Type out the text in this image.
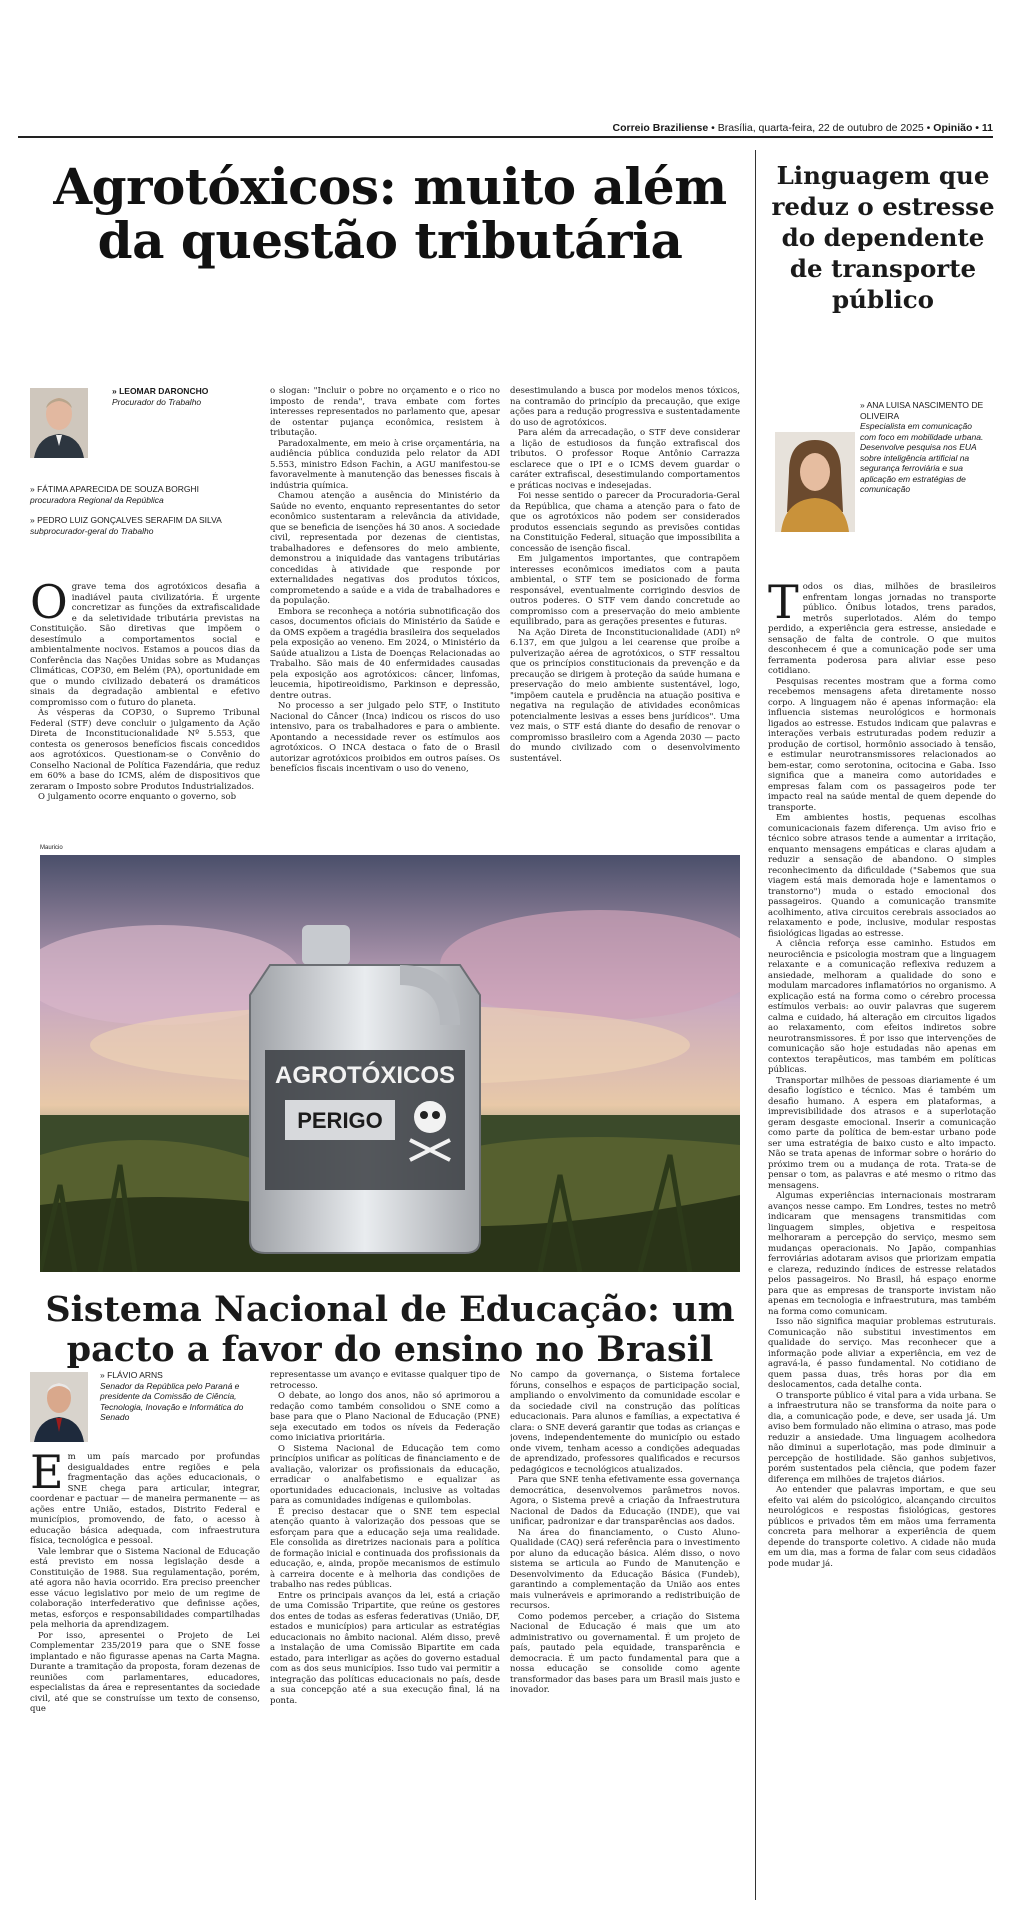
Correio Braziliense • Brasília, quarta-feira, 22 de outubro de 2025 • Opinião • 11
Agrotóxicos: muito além da questão tributária
» LEOMAR DARONCHO
Procurador do Trabalho
» FÁTIMA APARECIDA DE SOUZA BORGHI
procuradora Regional da República
» PEDRO LUIZ GONÇALVES SERAFIM DA SILVA
subprocurador-geral do Trabalho

Ograve tema dos agrotóxicos desafia a inadiável pauta civilizatória. É urgente concretizar as funções da extrafiscalidade e da seletividade tributária previstas na Constituição. São diretivas que impõem o desestímulo a comportamentos social e ambientalmente nocivos. Estamos a poucos dias da Conferência das Nações Unidas sobre as Mudanças Climáticas, COP30, em Belém (PA), oportunidade em que o mundo civilizado debaterá os dramáticos sinais da degradação ambiental e efetivo compromisso com o futuro do planeta.

Às vésperas da COP30, o Supremo Tribunal Federal (STF) deve concluir o julgamento da Ação Direta de Inconstitucionalidade Nº 5.553, que contesta os generosos benefícios fiscais concedidos aos agrotóxicos. Questionam-se o Convênio do Conselho Nacional de Política Fazendária, que reduz em 60% a base do ICMS, além de dispositivos que zeraram o Imposto sobre Produtos Industrializados.

O julgamento ocorre enquanto o governo, sob

o slogan: "Incluir o pobre no orçamento e o rico no imposto de renda", trava embate com fortes interesses representados no parlamento que, apesar de ostentar pujança econômica, resistem à tributação.

Paradoxalmente, em meio à crise orçamentária, na audiência pública conduzida pelo relator da ADI 5.553, ministro Edson Fachin, a AGU manifestou-se favoravelmente à manutenção das benesses fiscais à indústria química.

Chamou atenção a ausência do Ministério da Saúde no evento, enquanto representantes do setor econômico sustentaram a relevância da atividade, que se beneficia de isenções há 30 anos. A sociedade civil, representada por dezenas de cientistas, trabalhadores e defensores do meio ambiente, demonstrou a iniquidade das vantagens tributárias concedidas à atividade que responde por externalidades negativas dos produtos tóxicos, comprometendo a saúde e a vida de trabalhadores e da população.

Embora se reconheça a notória subnotificação dos casos, documentos oficiais do Ministério da Saúde e da OMS expõem a tragédia brasileira dos sequelados pela exposição ao veneno. Em 2024, o Ministério da Saúde atualizou a Lista de Doenças Relacionadas ao Trabalho. São mais de 40 enfermidades causadas pela exposição aos agrotóxicos: câncer, linfomas, leucemia, hipotireoidismo, Parkinson e depressão, dentre outras.

No processo a ser julgado pelo STF, o Instituto Nacional do Câncer (Inca) indicou os riscos do uso intensivo, para os trabalhadores e para o ambiente. Apontando a necessidade rever os estímulos aos agrotóxicos. O INCA destaca o fato de o Brasil autorizar agrotóxicos proibidos em outros países. Os benefícios fiscais incentivam o uso do veneno,

desestimulando a busca por modelos menos tóxicos, na contramão do princípio da precaução, que exige ações para a redução progressiva e sustentadamente do uso de agrotóxicos.

Para além da arrecadação, o STF deve considerar a lição de estudiosos da função extrafiscal dos tributos. O professor Roque Antônio Carrazza esclarece que o IPI e o ICMS devem guardar o caráter extrafiscal, desestimulando comportamentos e práticas nocivas e indesejadas.

Foi nesse sentido o parecer da Procuradoria-Geral da República, que chama a atenção para o fato de que os agrotóxicos não podem ser considerados produtos essenciais segundo as previsões contidas na Constituição Federal, situação que impossibilita a concessão de isenção fiscal.

Em julgamentos importantes, que contrapõem interesses econômicos imediatos com a pauta ambiental, o STF tem se posicionado de forma responsável, eventualmente corrigindo desvios de outros poderes. O STF vem dando concretude ao compromisso com a preservação do meio ambiente equilibrado, para as gerações presentes e futuras.

Na Ação Direta de Inconstitucionalidade (ADI) nº 6.137, em que julgou a lei cearense que proíbe a pulverização aérea de agrotóxicos, o STF ressaltou que os princípios constitucionais da prevenção e da precaução se dirigem à proteção da saúde humana e preservação do meio ambiente sustentável, logo, "impõem cautela e prudência na atuação positiva e negativa na regulação de atividades econômicas potencialmente lesivas a esses bens jurídicos". Uma vez mais, o STF está diante do desafio de renovar o compromisso brasileiro com a Agenda 2030 — pacto do mundo civilizado com o desenvolvimento sustentável.

Mauricio
AGROTÓXICOS
PERIGO
Sistema Nacional de Educação: um pacto a favor do ensino no Brasil
» FLÁVIO ARNS
Senador da República pelo Paraná e presidente da Comissão de Ciência, Tecnologia, Inovação e Informática do Senado

Em um país marcado por profundas desigualdades entre regiões e pela fragmentação das ações educacionais, o SNE chega para articular, integrar, coordenar e pactuar — de maneira permanente — as ações entre União, estados, Distrito Federal e municípios, promovendo, de fato, o acesso à educação básica adequada, com infraestrutura física, tecnológica e pessoal.

Vale lembrar que o Sistema Nacional de Educação está previsto em nossa legislação desde a Constituição de 1988. Sua regulamentação, porém, até agora não havia ocorrido. Era preciso preencher esse vácuo legislativo por meio de um regime de colaboração interfederativo que definisse ações, metas, esforços e responsabilidades compartilhadas pela melhoria da aprendizagem.

Por isso, apresentei o Projeto de Lei Complementar 235/2019 para que o SNE fosse implantado e não figurasse apenas na Carta Magna. Durante a tramitação da proposta, foram dezenas de reuniões com parlamentares, educadores, especialistas da área e representantes da sociedade civil, até que se construísse um texto de consenso, que

representasse um avanço e evitasse qualquer tipo de retrocesso.

O debate, ao longo dos anos, não só aprimorou a redação como também consolidou o SNE como a base para que o Plano Nacional de Educação (PNE) seja executado em todos os níveis da Federação como iniciativa prioritária.

O Sistema Nacional de Educação tem como princípios unificar as políticas de financiamento e de avaliação, valorizar os profissionais da educação, erradicar o analfabetismo e equalizar as oportunidades educacionais, inclusive as voltadas para as comunidades indígenas e quilombolas.

É preciso destacar que o SNE tem especial atenção quanto à valorização dos pessoas que se esforçam para que a educação seja uma realidade. Ele consolida as diretrizes nacionais para a política de formação inicial e continuada dos profissionais da educação, e, ainda, propõe mecanismos de estímulo à carreira docente e à melhoria das condições de trabalho nas redes públicas.

Entre os principais avanços da lei, está a criação de uma Comissão Tripartite, que reúne os gestores dos entes de todas as esferas federativas (União, DF, estados e municípios) para articular as estratégias educacionais no âmbito nacional. Além disso, prevê a instalação de uma Comissão Bipartite em cada estado, para interligar as ações do governo estadual com as dos seus municípios. Isso tudo vai permitir a integração das políticas educacionais no país, desde a sua concepção até a sua execução final, lá na ponta.

No campo da governança, o Sistema fortalece fóruns, conselhos e espaços de participação social, ampliando o envolvimento da comunidade escolar e da sociedade civil na construção das políticas educacionais. Para alunos e famílias, a expectativa é clara: o SNE deverá garantir que todas as crianças e jovens, independentemente do município ou estado onde vivem, tenham acesso a condições adequadas de aprendizado, professores qualificados e recursos pedagógicos e tecnológicos atualizados.

Para que SNE tenha efetivamente essa governança democrática, desenvolvemos parâmetros novos. Agora, o Sistema prevê a criação da Infraestrutura Nacional de Dados da Educação (INDE), que vai unificar, padronizar e dar transparências aos dados.

Na área do financiamento, o Custo Aluno-Qualidade (CAQ) será referência para o investimento por aluno da educação básica. Além disso, o novo sistema se articula ao Fundo de Manutenção e Desenvolvimento da Educação Básica (Fundeb), garantindo a complementação da União aos entes mais vulneráveis e aprimorando a redistribuição de recursos.

Como podemos perceber, a criação do Sistema Nacional de Educação é mais que um ato administrativo ou governamental. É um projeto de país, pautado pela equidade, transparência e democracia. É um pacto fundamental para que a nossa educação se consolide como agente transformador das bases para um Brasil mais justo e inovador.

Linguagem que reduz o estresse do dependente de transporte público
» ANA LUISA NASCIMENTO DE OLIVEIRA
Especialista em comunicação com foco em mobilidade urbana. Desenvolve pesquisa nos EUA sobre inteligência artificial na segurança ferroviária e sua aplicação em estratégias de comunicação

Todos os dias, milhões de brasileiros enfrentam longas jornadas no transporte público. Ônibus lotados, trens parados, metrôs superlotados. Além do tempo perdido, a experiência gera estresse, ansiedade e sensação de falta de controle. O que muitos desconhecem é que a comunicação pode ser uma ferramenta poderosa para aliviar esse peso cotidiano.

Pesquisas recentes mostram que a forma como recebemos mensagens afeta diretamente nosso corpo. A linguagem não é apenas informação: ela influencia sistemas neurológicos e hormonais ligados ao estresse. Estudos indicam que palavras e interações verbais estruturadas podem reduzir a produção de cortisol, hormônio associado à tensão, e estimular neurotransmissores relacionados ao bem-estar, como serotonina, ocitocina e Gaba. Isso significa que a maneira como autoridades e empresas falam com os passageiros pode ter impacto real na saúde mental de quem depende do transporte.

Em ambientes hostis, pequenas escolhas comunicacionais fazem diferença. Um aviso frio e técnico sobre atrasos tende a aumentar a irritação, enquanto mensagens empáticas e claras ajudam a reduzir a sensação de abandono. O simples reconhecimento da dificuldade ("Sabemos que sua viagem está mais demorada hoje e lamentamos o transtorno") muda o estado emocional dos passageiros. Quando a comunicação transmite acolhimento, ativa circuitos cerebrais associados ao relaxamento e pode, inclusive, modular respostas fisiológicas ligadas ao estresse.

A ciência reforça esse caminho. Estudos em neurociência e psicologia mostram que a linguagem relaxante e a comunicação reflexiva reduzem a ansiedade, melhoram a qualidade do sono e modulam marcadores inflamatórios no organismo. A explicação está na forma como o cérebro processa estímulos verbais: ao ouvir palavras que sugerem calma e cuidado, há alteração em circuitos ligados ao relaxamento, com efeitos indiretos sobre neurotransmissores. É por isso que intervenções de comunicação são hoje estudadas não apenas em contextos terapêuticos, mas também em políticas públicas.

Transportar milhões de pessoas diariamente é um desafio logístico e técnico. Mas é também um desafio humano. A espera em plataformas, a imprevisibilidade dos atrasos e a superlotação geram desgaste emocional. Inserir a comunicação como parte da política de bem-estar urbano pode ser uma estratégia de baixo custo e alto impacto. Não se trata apenas de informar sobre o horário do próximo trem ou a mudança de rota. Trata-se de pensar o tom, as palavras e até mesmo o ritmo das mensagens.

Algumas experiências internacionais mostraram avanços nesse campo. Em Londres, testes no metrô indicaram que mensagens transmitidas com linguagem simples, objetiva e respeitosa melhoraram a percepção do serviço, mesmo sem mudanças operacionais. No Japão, companhias ferroviárias adotaram avisos que priorizam empatia e clareza, reduzindo índices de estresse relatados pelos passageiros. No Brasil, há espaço enorme para que as empresas de transporte invistam não apenas em tecnologia e infraestrutura, mas também na forma como comunicam.

Isso não significa maquiar problemas estruturais. Comunicação não substitui investimentos em qualidade do serviço. Mas reconhecer que a informação pode aliviar a experiência, em vez de agravá-la, é passo fundamental. No cotidiano de quem passa duas, três horas por dia em deslocamentos, cada detalhe conta.

O transporte público é vital para a vida urbana. Se a infraestrutura não se transforma da noite para o dia, a comunicação pode, e deve, ser usada já. Um aviso bem formulado não elimina o atraso, mas pode reduzir a ansiedade. Uma linguagem acolhedora não diminui a superlotação, mas pode diminuir a percepção de hostilidade. São ganhos subjetivos, porém sustentados pela ciência, que podem fazer diferença em milhões de trajetos diários.

Ao entender que palavras importam, e que seu efeito vai além do psicológico, alcançando circuitos neurológicos e respostas fisiológicas, gestores públicos e privados têm em mãos uma ferramenta concreta para melhorar a experiência de quem depende do transporte coletivo. A cidade não muda em um dia, mas a forma de falar com seus cidadãos pode mudar já.
